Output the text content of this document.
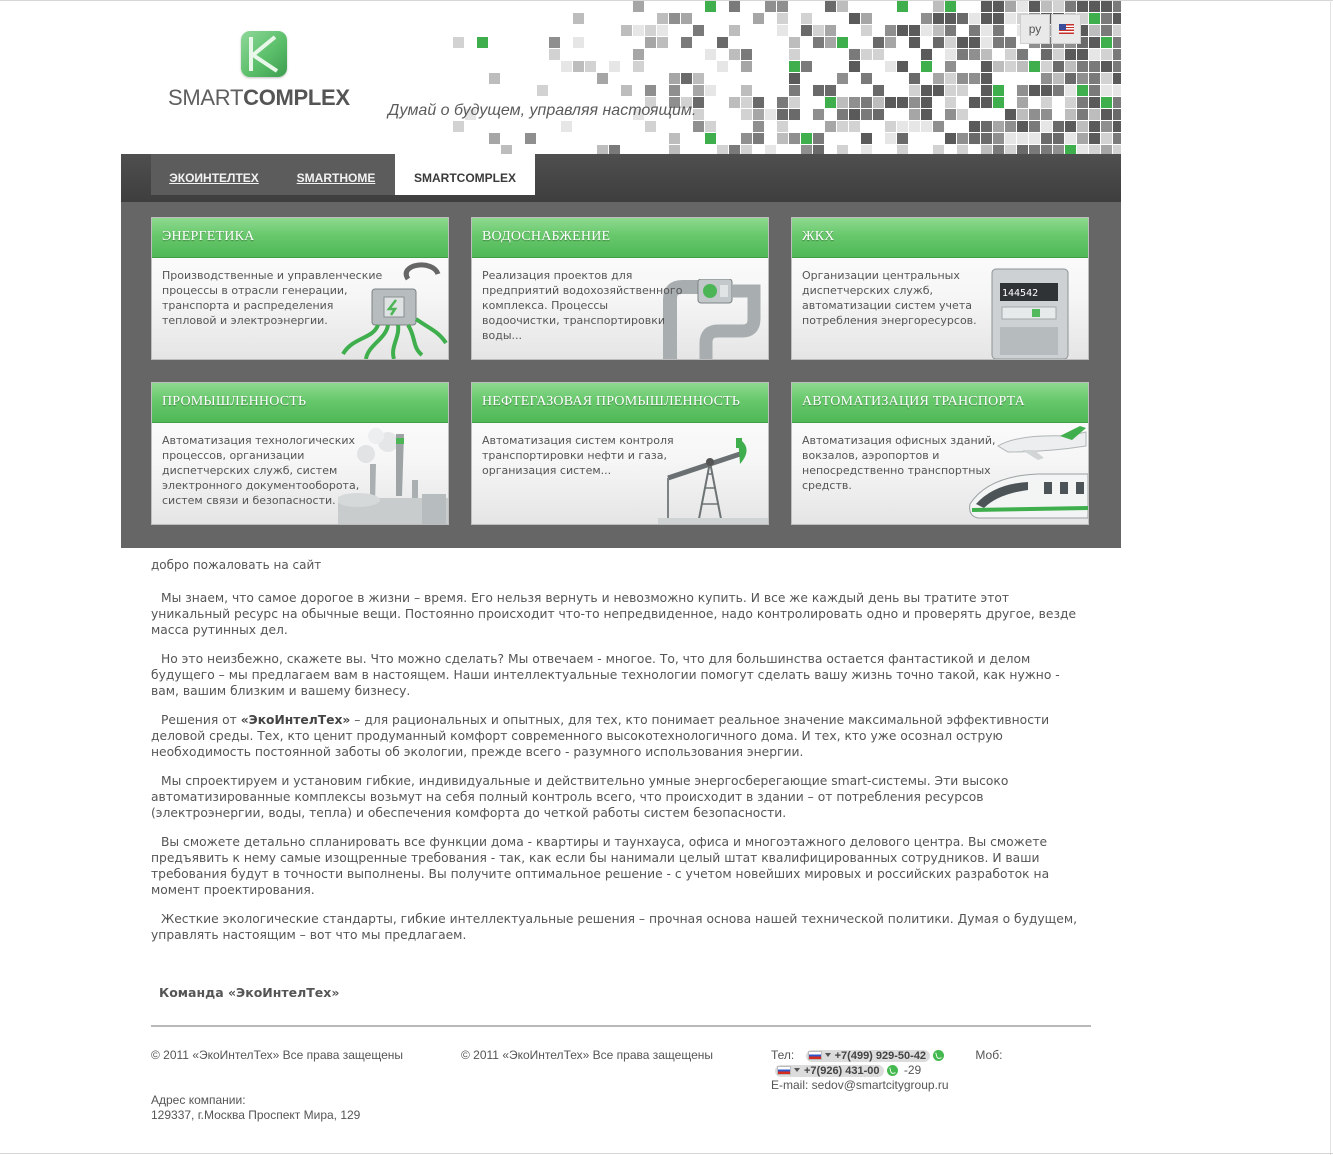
SMARTCOMPLEX
Думай о будущем, управляя настоящим.
ру
ЭКОИНТЕЛТЕХ	SMARTHOME	SMARTCOMPLEX
ЭНЕРГЕТИКА
Производственные и управленческие процессы в отрасли генерации, транспорта и распределения тепловой и электроэнергии.
ВОДОСНАБЖЕНИЕ
Реализация проектов для предприятий водохозяйственного комплекса. Процессы водоочистки, транспортировки воды...
ЖКХ
Организации центральных диспетчерских служб, автоматизации систем учета потребления энергоресурсов.
144542
ПРОМЫШЛЕННОСТЬ
Автоматизация технологических процессов, организации диспетчерских служб, систем электронного документооборота, систем связи и безопасности.
НЕФТЕГАЗОВАЯ ПРОМЫШЛЕННОСТЬ
Автоматизация систем контроля транспортировки нефти и газа, организация систем...
АВТОМАТИЗАЦИЯ ТРАНСПОРТА
Автоматизация офисных зданий, вокзалов, аэропортов и непосредственно транспортных средств.
добро пожаловать на сайт

Мы знаем, что самое дорогое в жизни – время. Его нельзя вернуть и невозможно купить. И все же каждый день вы тратите этот уникальный ресурс на обычные вещи. Постоянно происходит что-то непредвиденное, надо контролировать одно и проверять другое, везде масса рутинных дел.

Но это неизбежно, скажете вы. Что можно сделать? Мы отвечаем - многое. То, что для большинства остается фантастикой и делом будущего – мы предлагаем вам в настоящем. Наши интеллектуальные технологии помогут сделать вашу жизнь точно такой, как нужно - вам, вашим близким и вашему бизнесу.

Решения от «ЭкоИнтелТех» – для рациональных и опытных, для тех, кто понимает реальное значение максимальной эффективности деловой среды. Тех, кто ценит продуманный комфорт современного высокотехнологичного дома. И тех, кто уже осознал острую необходимость постоянной заботы об экологии, прежде всего - разумного использования энергии.

Мы спроектируем и установим гибкие, индивидуальные и действительно умные энергосберегающие smart-системы. Эти высоко автоматизированные комплексы возьмут на себя полный контроль всего, что происходит в здании – от потребления ресурсов (электроэнергии, воды, тепла) и обеспечения комфорта до четкой работы систем безопасности.

Вы сможете детально спланировать все функции дома - квартиры и таунхауса, офиса и многоэтажного делового центра. Вы сможете предъявить к нему самые изощренные требования - так, как если бы нанимали целый штат квалифицированных сотрудников. И ваши требования будут в точности выполнены. Вы получите оптимальное решение - с учетом новейших мировых и российских разработок на момент проектирования.

Жесткие экологические стандарты, гибкие интеллектуальные решения – прочная основа нашей технической политики. Думая о будущем, управлять настоящим – вот что мы предлагаем.

Команда «ЭкоИнтелТех»
© 2011 «ЭкоИнтелТех» Все права защещены	© 2011 «ЭкоИнтелТех» Все права защещены
Адрес компании:
129337, г.Москва Проспект Мира, 129
Тел:	+7(499) 929-50-42	Моб:
+7(926) 431-00 -29
E-mail: sedov@smartcitygroup.ru
